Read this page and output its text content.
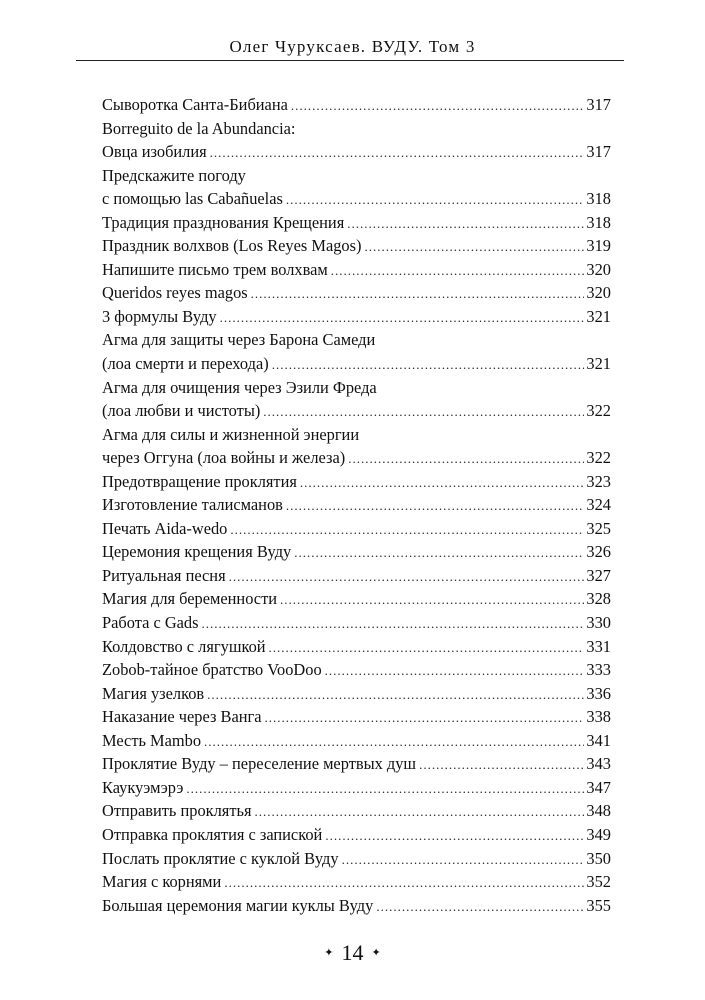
Олег Чуруксаев. ВУДУ. Том 3
Сыворотка Санта-Бибиана .....	317
Borreguito de la Abundancia:
Овца изобилия .....	317
Предскажите погоду
с помощью las Cabañuelas .....	318
Традиция празднования Крещения .....	318
Праздник волхвов (Los Reyes Magos) .....	319
Напишите письмо трем волхвам .....	320
Queridos reyes magos .....	320
3 формулы Вуду .....	321
Агма для защиты через Барона Самеди
(лоа смерти и перехода) .....	321
Агма для очищения через Эзили Фреда
(лоа любви и чистоты) .....	322
Агма для силы и жизненной энергии
через Оггуна (лоа войны и железа) .....	322
Предотвращение проклятия .....	323
Изготовление талисманов .....	324
Печать Aida-wedo .....	325
Церемония крещения Вуду .....	326
Ритуальная песня .....	327
Магия для беременности .....	328
Работа с Gads .....	330
Колдовство с лягушкой .....	331
Zobob-тайное братство VooDoo .....	333
Магия узелков .....	336
Наказание через Ванга .....	338
Месть Mambo .....	341
Проклятие Вуду – переселение мертвых душ .....	343
Каукуэмэрэ .....	347
Отправить проклятья .....	348
Отправка проклятия с запиской .....	349
Послать проклятие с куклой Вуду .....	350
Магия с корнями .....	352
Большая церемония магии куклы Вуду .....	355
✦ 14 ✦
